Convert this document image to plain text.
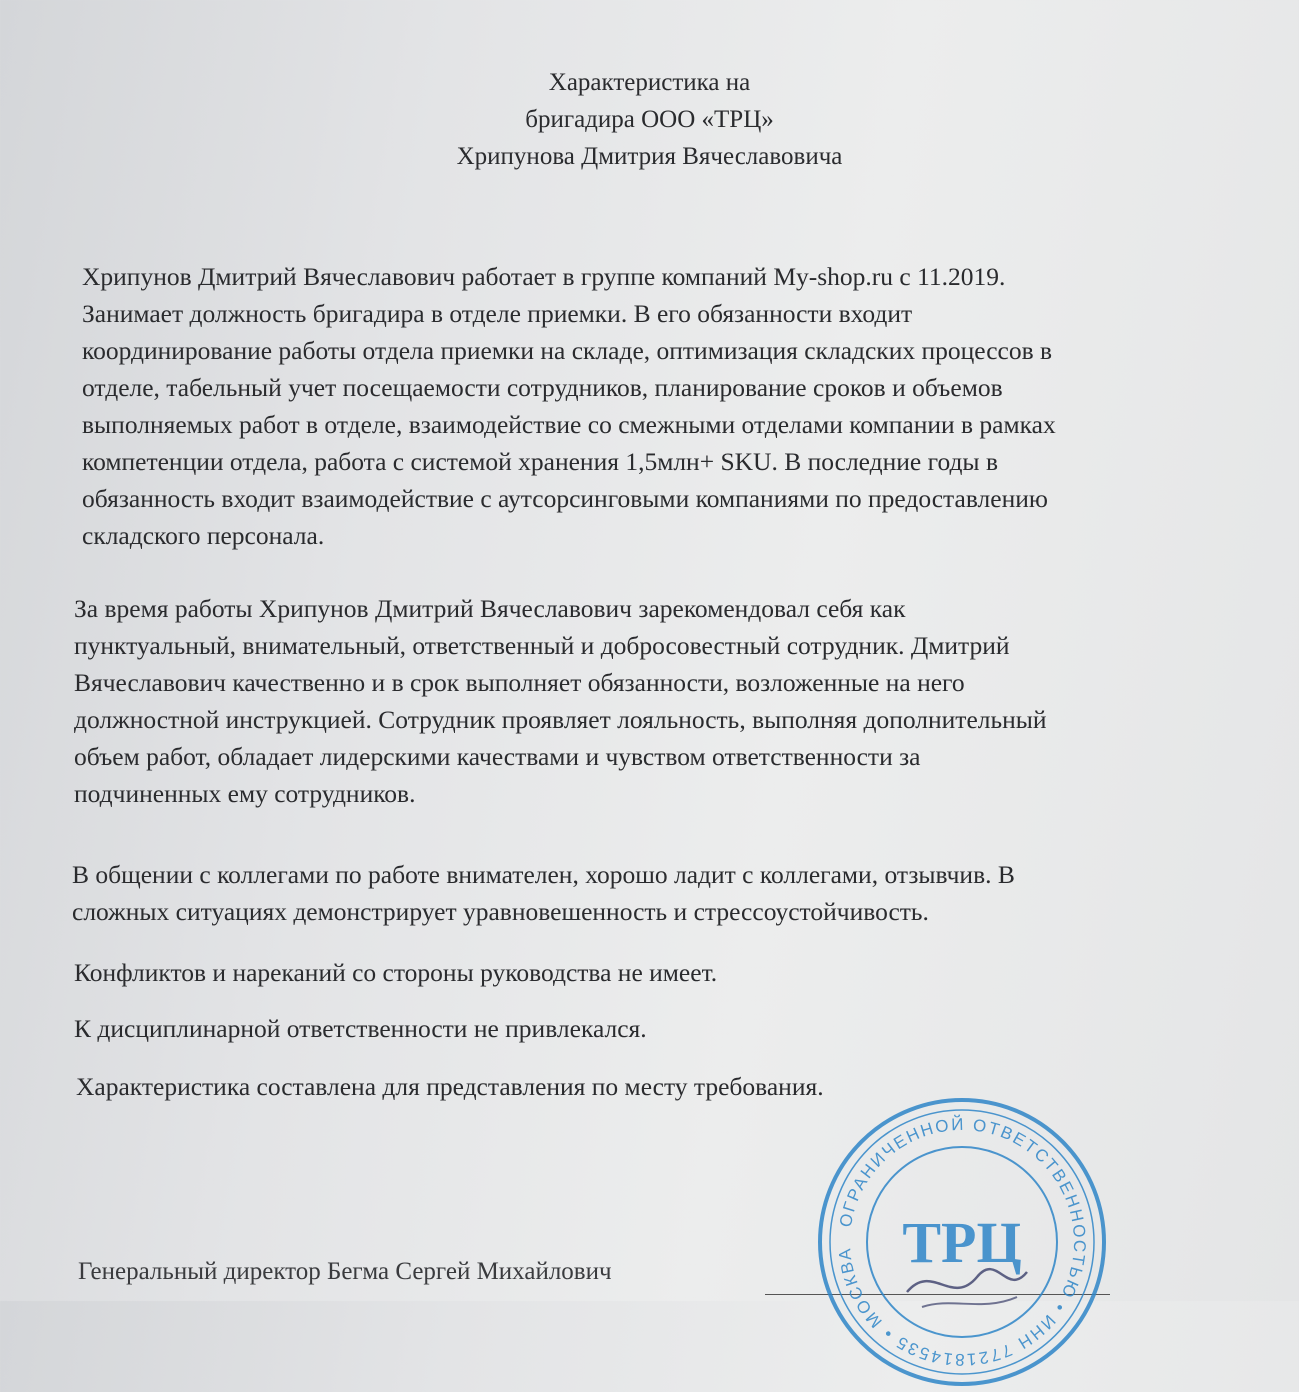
Характеристика на
бригадира ООО «ТРЦ»
Хрипунова Дмитрия Вячеславовича
Хрипунов Дмитрий Вячеславович работает в группе компаний My-shop.ru с 11.2019.
Занимает должность бригадира в отделе приемки. В его обязанности входит
координирование работы отдела приемки на складе, оптимизация складских процессов в
отделе, табельный учет посещаемости сотрудников, планирование сроков и объемов
выполняемых работ в отделе, взаимодействие со смежными отделами компании в рамках
компетенции отдела, работа с системой хранения 1,5млн+ SKU. В последние годы в
обязанность входит взаимодействие с аутсорсинговыми компаниями по предоставлению
складского персонала.
За время работы Хрипунов Дмитрий Вячеславович зарекомендовал себя как
пунктуальный, внимательный, ответственный и добросовестный сотрудник. Дмитрий
Вячеславович качественно и в срок выполняет обязанности, возложенные на него
должностной инструкцией. Сотрудник проявляет лояльность, выполняя дополнительный
объем работ, обладает лидерскими качествами и чувством ответственности за
подчиненных ему сотрудников.
В общении с коллегами по работе внимателен, хорошо ладит с коллегами, отзывчив. В
сложных ситуациях демонстрирует уравновешенность и стрессоустойчивость.
Конфликтов и нареканий со стороны руководства не имеет.
К дисциплинарной ответственности не привлекался.
Характеристика составлена для представления по месту требования.
Генеральный директор Бегма Сергей Михайлович
ОГРАНИЧЕННОЙ ОТВЕТСТВЕННОСТЬЮ • ИНН 7721814535 • МОСКВА ТРЦ
